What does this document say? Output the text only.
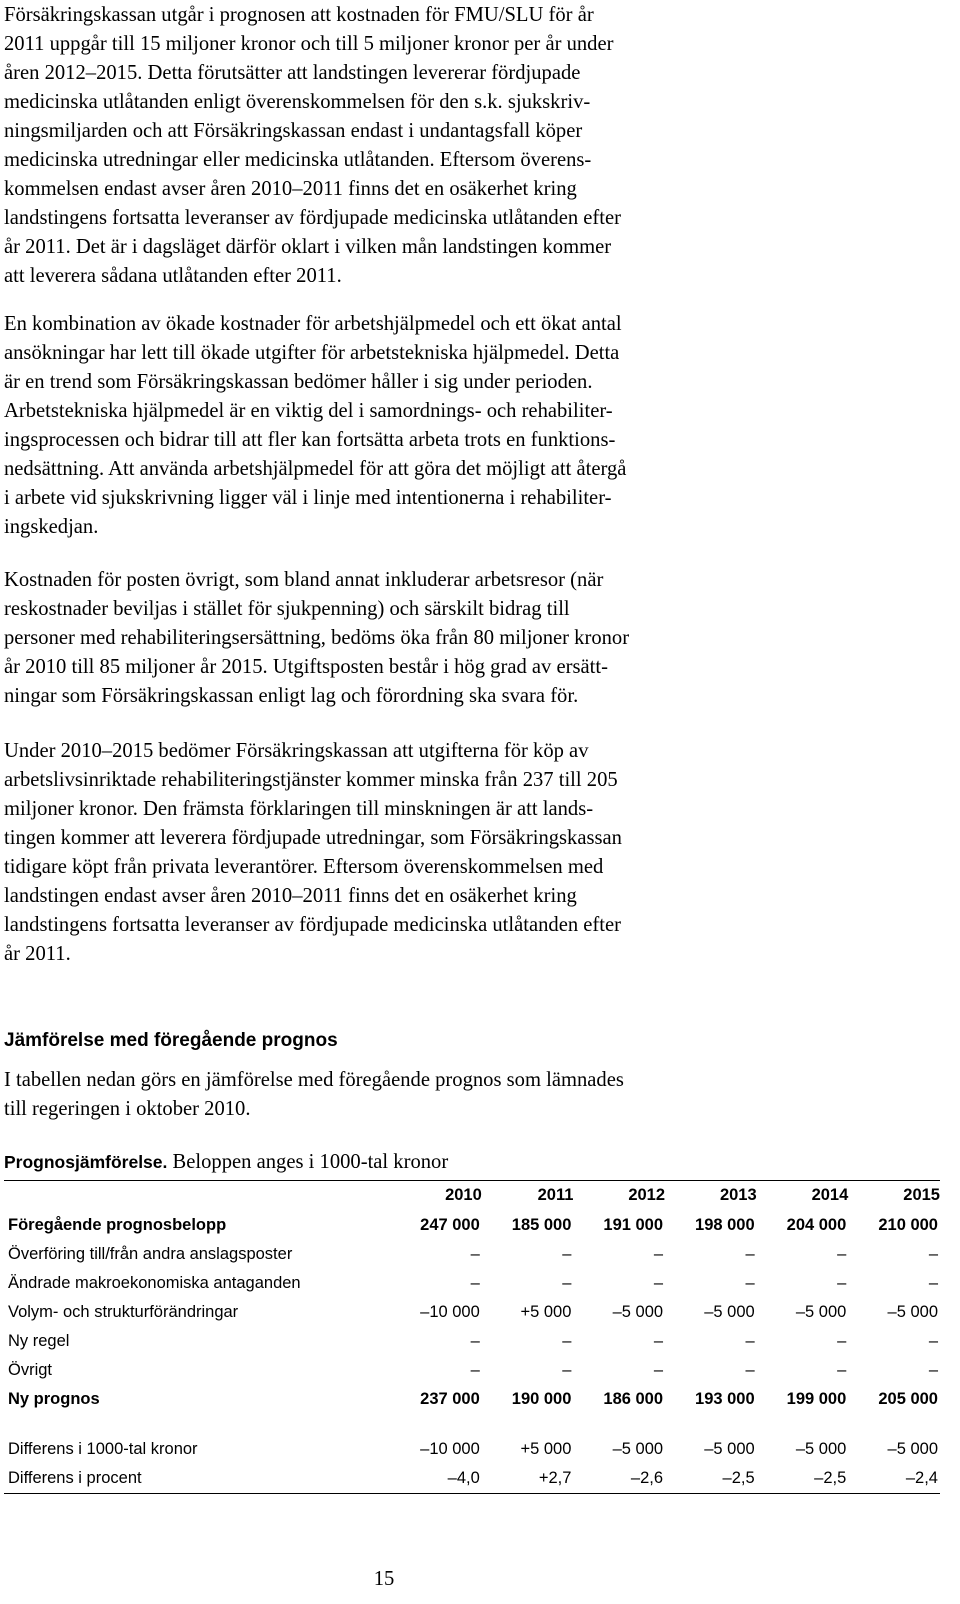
Försäkringskassan utgår i prognosen att kostnaden för FMU/SLU för år
2011 uppgår till 15 miljoner kronor och till 5 miljoner kronor per år under
åren 2012–2015. Detta förutsätter att landstingen levererar fördjupade
medicinska utlåtanden enligt överenskommelsen för den s.k. sjukskriv-
ningsmiljarden och att Försäkringskassan endast i undantagsfall köper
medicinska utredningar eller medicinska utlåtanden. Eftersom överens-
kommelsen endast avser åren 2010–2011 finns det en osäkerhet kring
landstingens fortsatta leveranser av fördjupade medicinska utlåtanden efter
år 2011. Det är i dagsläget därför oklart i vilken mån landstingen kommer
att leverera sådana utlåtanden efter 2011.

En kombination av ökade kostnader för arbetshjälpmedel och ett ökat antal
ansökningar har lett till ökade utgifter för arbetstekniska hjälpmedel. Detta
är en trend som Försäkringskassan bedömer håller i sig under perioden.
Arbetstekniska hjälpmedel är en viktig del i samordnings- och rehabiliter-
ingsprocessen och bidrar till att fler kan fortsätta arbeta trots en funktions-
nedsättning. Att använda arbetshjälpmedel för att göra det möjligt att återgå
i arbete vid sjukskrivning ligger väl i linje med intentionerna i rehabiliter-
ingskedjan.

Kostnaden för posten övrigt, som bland annat inkluderar arbetsresor (när
reskostnader beviljas i stället för sjukpenning) och särskilt bidrag till
personer med rehabiliteringsersättning, bedöms öka från 80 miljoner kronor
år 2010 till 85 miljoner år 2015. Utgiftsposten består i hög grad av ersätt-
ningar som Försäkringskassan enligt lag och förordning ska svara för.

Under 2010–2015 bedömer Försäkringskassan att utgifterna för köp av
arbetslivsinriktade rehabiliteringstjänster kommer minska från 237 till 205
miljoner kronor. Den främsta förklaringen till minskningen är att lands-
tingen kommer att leverera fördjupade utredningar, som Försäkringskassan
tidigare köpt från privata leverantörer. Eftersom överenskommelsen med
landstingen endast avser åren 2010–2011 finns det en osäkerhet kring
landstingens fortsatta leveranser av fördjupade medicinska utlåtanden efter
år 2011.

Jämförelse med föregående prognos

I tabellen nedan görs en jämförelse med föregående prognos som lämnades
till regeringen i oktober 2010.

Prognosjämförelse. Beloppen anges i 1000-tal kronor
	2010	2011	2012	2013	2014	2015
Föregående prognosbelopp	247 000	185 000	191 000	198 000	204 000	210 000
Överföring till/från andra anslagsposter	–	–	–	–	–	–
Ändrade makroekonomiska antaganden	–	–	–	–	–	–
Volym- och strukturförändringar	–10 000	+5 000	–5 000	–5 000	–5 000	–5 000
Ny regel	–	–	–	–	–	–
Övrigt	–	–	–	–	–	–
Ny prognos	237 000	190 000	186 000	193 000	199 000	205 000

Differens i 1000-tal kronor	–10 000	+5 000	–5 000	–5 000	–5 000	–5 000
Differens i procent	–4,0	+2,7	–2,6	–2,5	–2,5	–2,4
15
